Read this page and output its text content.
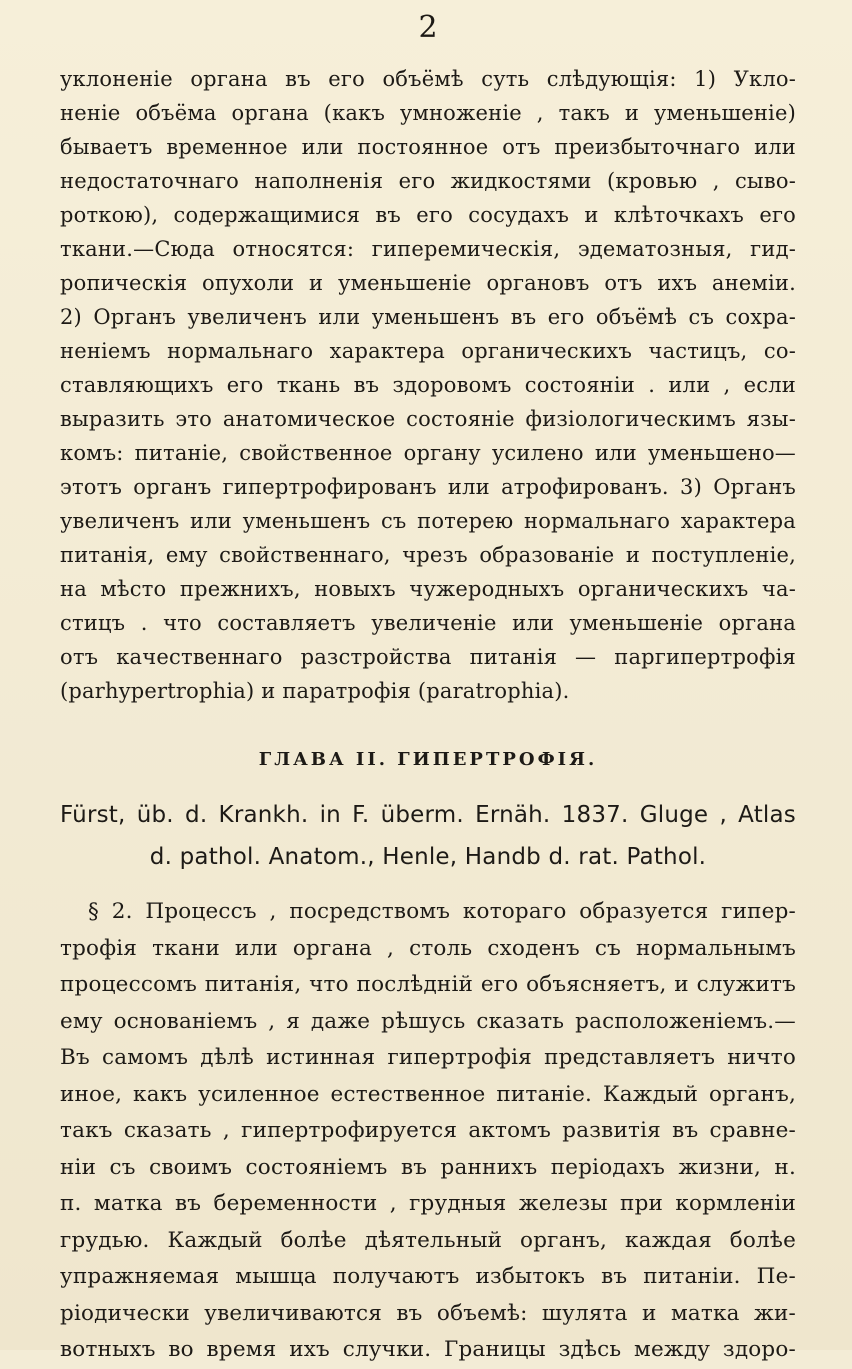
2
уклоненіе органа въ его объёмѣ суть слѣдующія: 1) Укло-
неніе объёма органа (какъ умноженіе , такъ и уменьшеніе)
бываетъ временное или постоянное отъ преизбыточнаго или
недостаточнаго наполненія его жидкостями (кровью , сыво-
роткою), содержащимися въ его сосудахъ и клѣточкахъ его
ткани.—Сюда относятся: гиперемическія, эдематозныя, гид-
ропическія опухоли и уменьшеніе органовъ отъ ихъ анеміи.
2) Органъ увеличенъ или уменьшенъ въ его объёмѣ съ сохра-
неніемъ нормальнаго характера органическихъ частицъ, со-
ставляющихъ его ткань въ здоровомъ состояніи . или , если
выразить это анатомическое состояніе физіологическимъ язы-
комъ: питаніе, свойственное органу усилено или уменьшено—
этотъ органъ гипертрофированъ или атрофированъ. 3) Органъ
увеличенъ или уменьшенъ съ потерею нормальнаго характера
питанія, ему свойственнаго, чрезъ образованіе и поступленіе,
на мѣсто прежнихъ, новыхъ чужеродныхъ органическихъ ча-
стицъ . что составляетъ увеличеніе или уменьшеніе органа
отъ качественнаго разстройства питанія — паргипертрофія
(parhypertrophia) и паратрофія (paratrophia).
ГЛАВА II. ГИПЕРТРОФІЯ.
Fürst, üb. d. Krankh. in F. überm. Ernäh. 1837. Gluge , Atlas
d. pathol. Anatom., Henle, Handb d. rat. Pathol.
§ 2. Процессъ , посредствомъ котораго образуется гипер-
трофія ткани или органа , столь сходенъ съ нормальнымъ
процессомъ питанія, что послѣдній его объясняетъ, и служитъ
ему основаніемъ , я даже рѣшусь сказать расположеніемъ.—
Въ самомъ дѣлѣ истинная гипертрофія представляетъ ничто
иное, какъ усиленное естественное питаніе. Каждый органъ,
такъ сказать , гипертрофируется актомъ развитія въ сравне-
ніи съ своимъ состояніемъ въ раннихъ періодахъ жизни, н.
п. матка въ беременности , грудныя железы при кормленіи
грудью. Каждый болѣе дѣятельный органъ, каждая болѣе
упражняемая мышца получаютъ избытокъ въ питаніи. Пе-
ріодически увеличиваются въ объемѣ: шулята и матка жи-
вотныхъ во время ихъ случки. Границы здѣсь между здоро-
